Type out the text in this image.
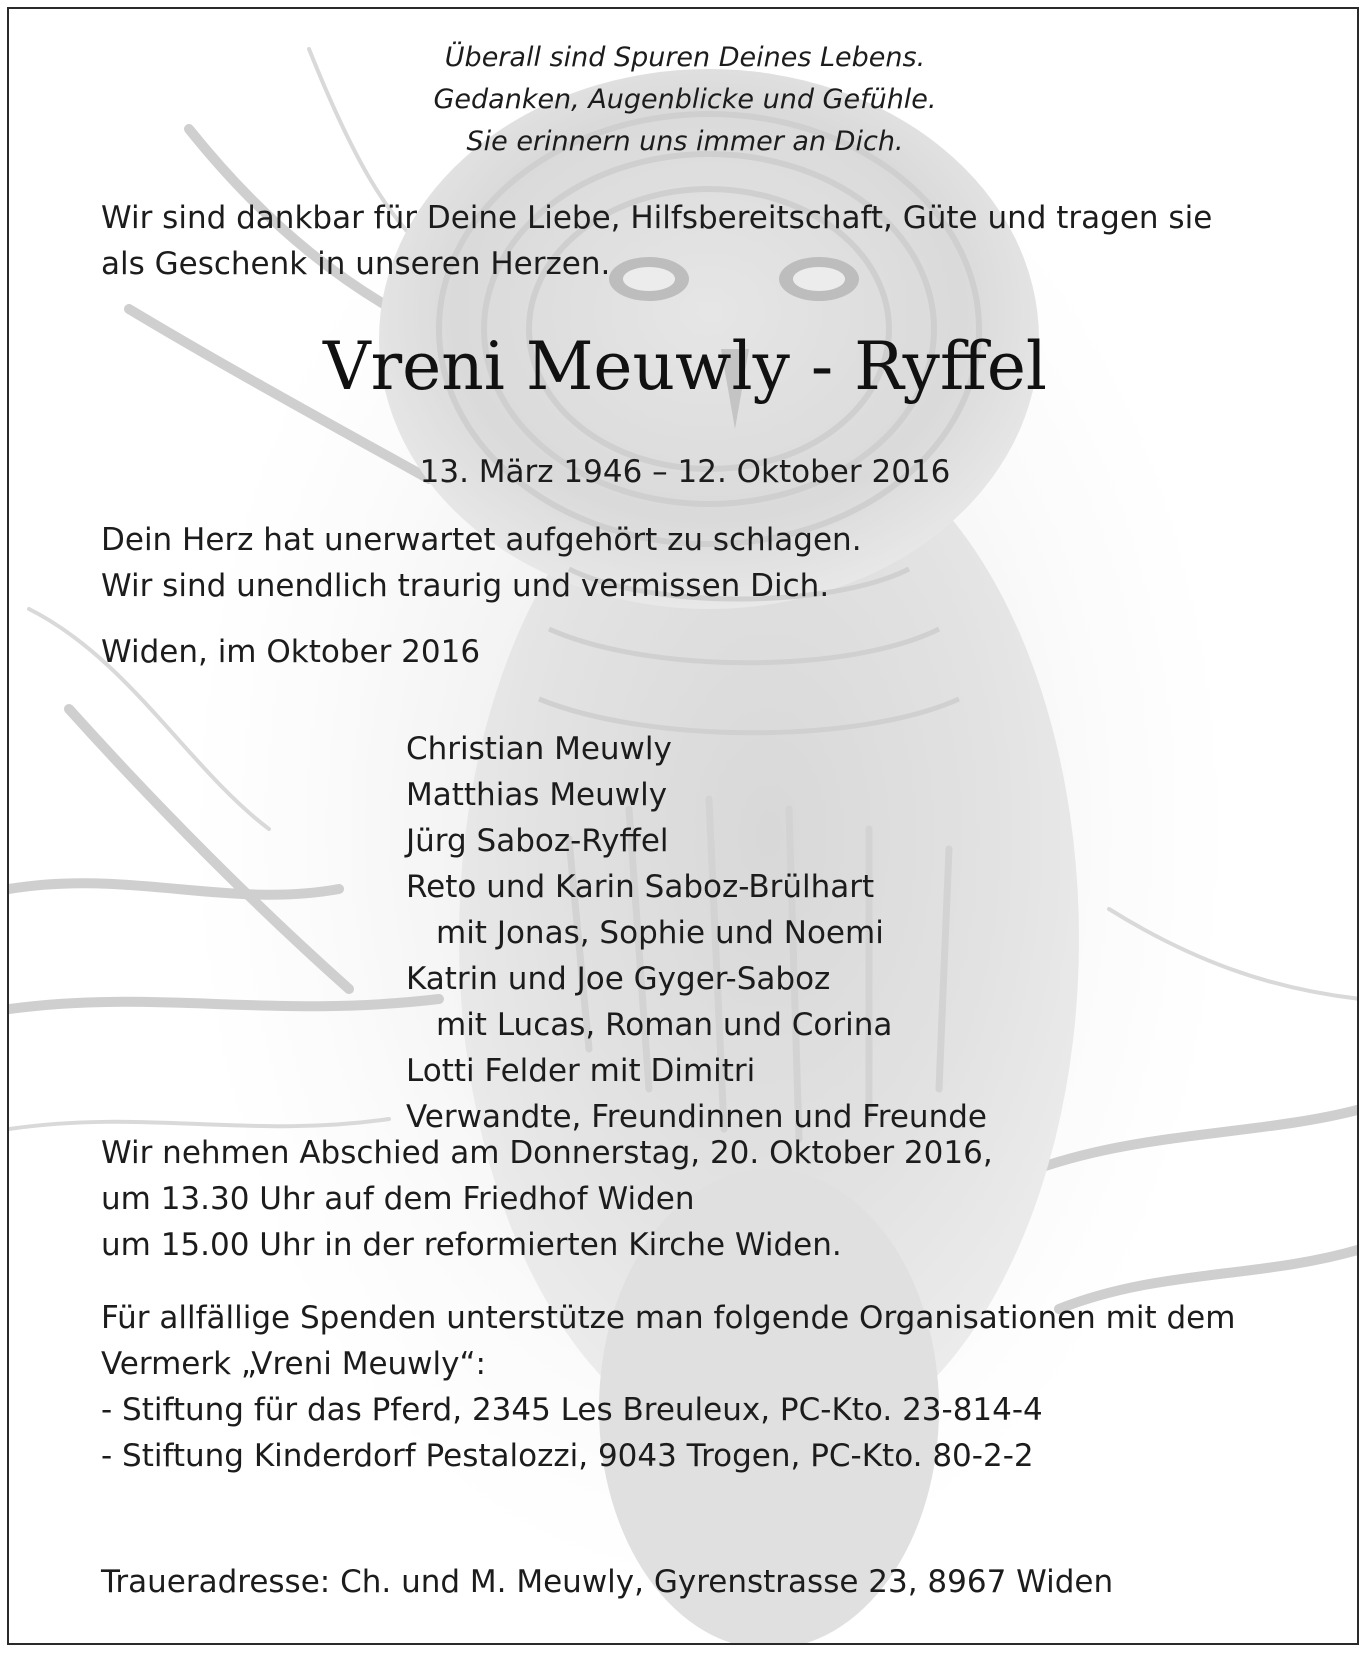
Überall sind Spuren Deines Lebens.
Gedanken, Augenblicke und Gefühle.
Sie erinnern uns immer an Dich.
Wir sind dankbar für Deine Liebe, Hilfsbereitschaft, Güte und tragen sie
als Geschenk in unseren Herzen.
Vreni Meuwly - Ryffel
13. März 1946 – 12. Oktober 2016
Dein Herz hat unerwartet aufgehört zu schlagen.
Wir sind unendlich traurig und vermissen Dich.
Widen, im Oktober 2016
Christian Meuwly
Matthias Meuwly
Jürg Saboz-Ryffel
Reto und Karin Saboz-Brülhart
mit Jonas, Sophie und Noemi
Katrin und Joe Gyger-Saboz
mit Lucas, Roman und Corina
Lotti Felder mit Dimitri
Verwandte, Freundinnen und Freunde
Wir nehmen Abschied am Donnerstag, 20. Oktober 2016,
um 13.30 Uhr auf dem Friedhof Widen
um 15.00 Uhr in der reformierten Kirche Widen.
Für allfällige Spenden unterstütze man folgende Organisationen mit dem
Vermerk „Vreni Meuwly“:
- Stiftung für das Pferd, 2345 Les Breuleux, PC-Kto. 23-814-4
- Stiftung Kinderdorf Pestalozzi, 9043 Trogen, PC-Kto. 80-2-2
Traueradresse: Ch. und M. Meuwly, Gyrenstrasse 23, 8967 Widen
